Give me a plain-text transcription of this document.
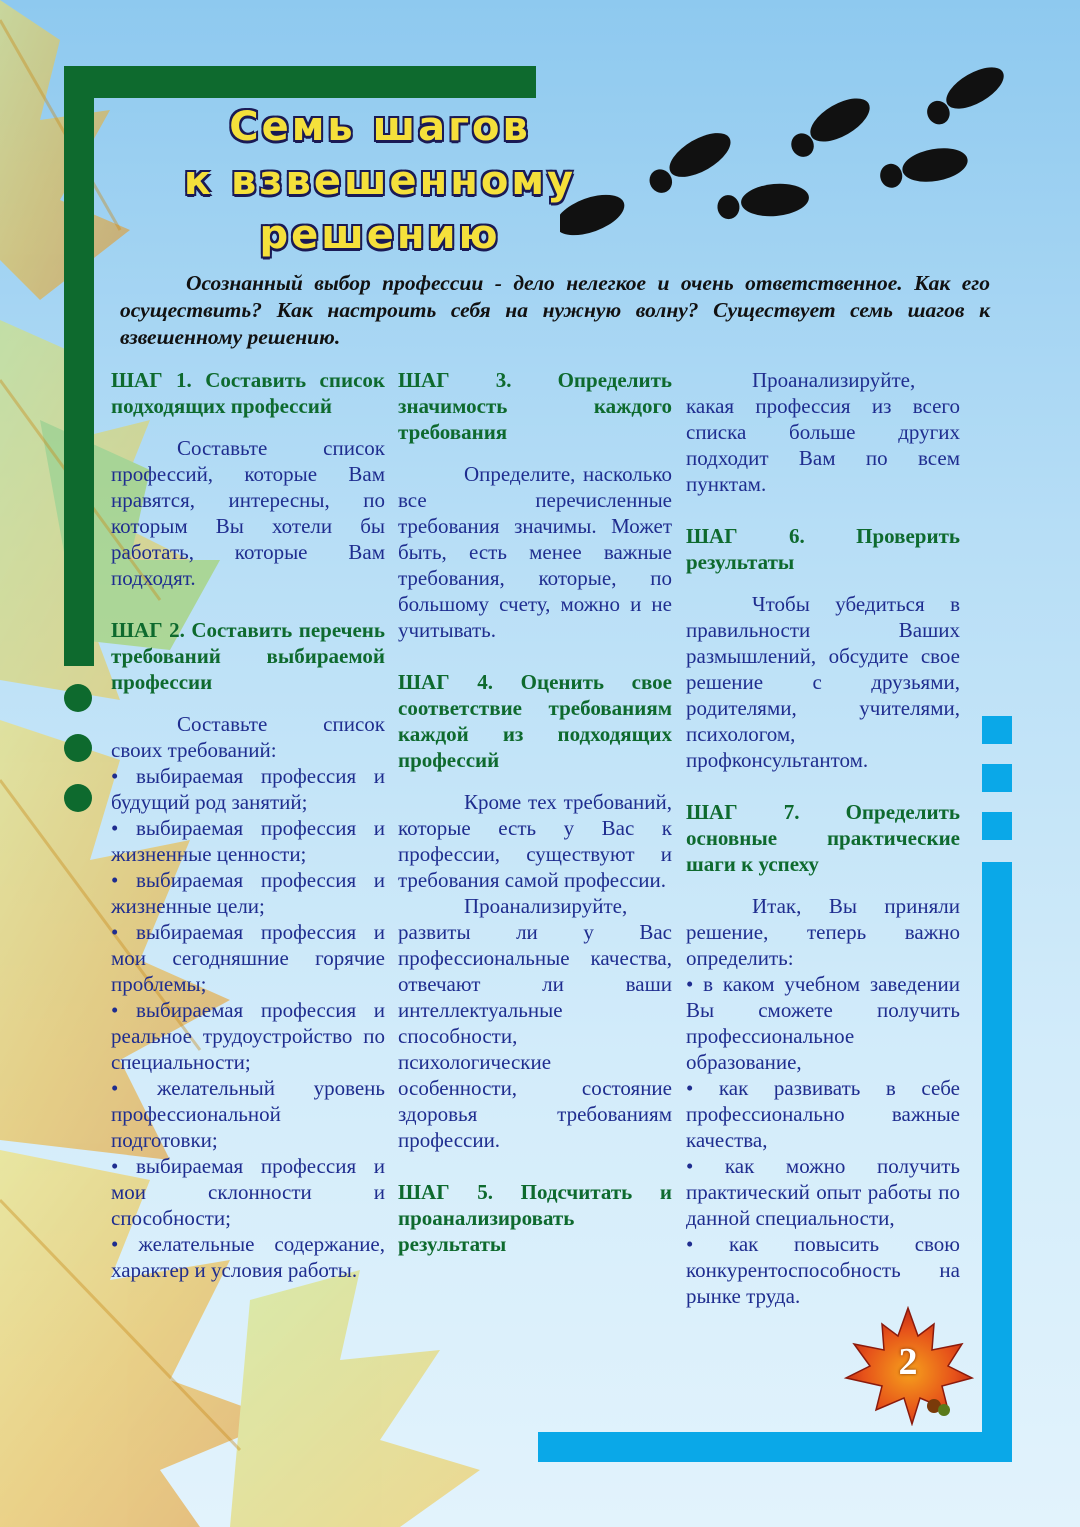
Семь шагов
к взвешенному
решению

Осознанный выбор профессии - дело нелегкое и очень ответственное. Как его осуществить? Как настроить себя на нужную волну? Существует семь шагов к взвешенному решению.

ШАГ 1. Составить список подходящих профессий

Составьте список профессий, которые Вам нравятся, интересны, по которым Вы хотели бы работать, которые Вам подходят.

ШАГ 2. Составить перечень требований выбираемой профессии

Составьте список своих требований:

• выбираемая профессия и будущий род занятий;

• выбираемая профессия и жизненные ценности;

• выбираемая профессия и жизненные цели;

• выбираемая профессия и мои сегодняшние горячие проблемы;

• выбираемая профессия и реальное трудоустройство по специальности;

• желательный уровень профессиональной подготовки;

• выбираемая профессия и мои склонности и способности;

• желательные содержание, характер и условия работы.

ШАГ 3. Определить значимость каждого требования

Определите, насколько все перечисленные требования значимы. Может быть, есть менее важные требования, которые, по большому счету, можно и не учитывать.

ШАГ 4. Оценить свое соответствие требованиям каждой из подходящих профессий

Кроме тех требований, которые есть у Вас к профессии, существуют и требования самой профессии.

Проанализируйте, развиты ли у Вас профессиональные качества, отвечают ли ваши интеллектуальные способности, психологические особенности, состояние здоровья требованиям профессии.

ШАГ 5. Подсчитать и проанализировать результаты

Проанализируйте, какая профессия из всего списка больше других подходит Вам по всем пунктам.

ШАГ 6. Проверить результаты

Чтобы убедиться в правильности Ваших размышлений, обсудите свое решение с друзьями, родителями, учителями, психологом, профконсультантом.

ШАГ 7. Определить основные практические шаги к успеху

Итак, Вы приняли решение, теперь важно определить:

• в каком учебном заведении Вы сможете получить профессиональное образование,

• как развивать в себе профессионально важные качества,

• как можно получить практический опыт работы по данной специальности,

• как повысить свою конкурентоспособность на рынке труда.

2
